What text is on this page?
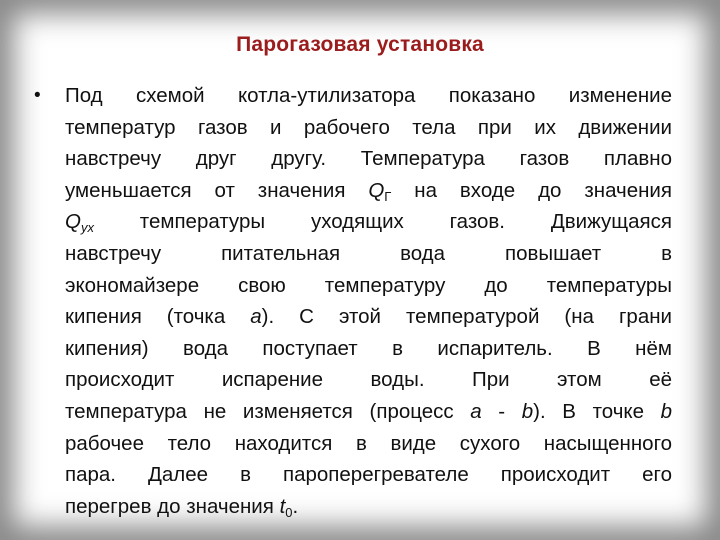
Парогазовая установка
• Под схемой котла-утилизатора показано изменение
температур газов и рабочего тела при их движении
навстречу друг другу. Температура газов плавно
уменьшается от значения $Q_Г$ на входе до значения
$Q_{ух}$ температуры уходящих газов. Движущаяся
навстречу питательная вода повышает в
экономайзере свою температуру до температуры
кипения (точка a). С этой температурой (на грани
кипения) вода поступает в испаритель. В нём
происходит испарение воды. При этом её
температура не изменяется (процесс a - b). В точке b
рабочее тело находится в виде сухого насыщенного
пара. Далее в пароперегревателе происходит его
перегрев до значения $t_0$.
